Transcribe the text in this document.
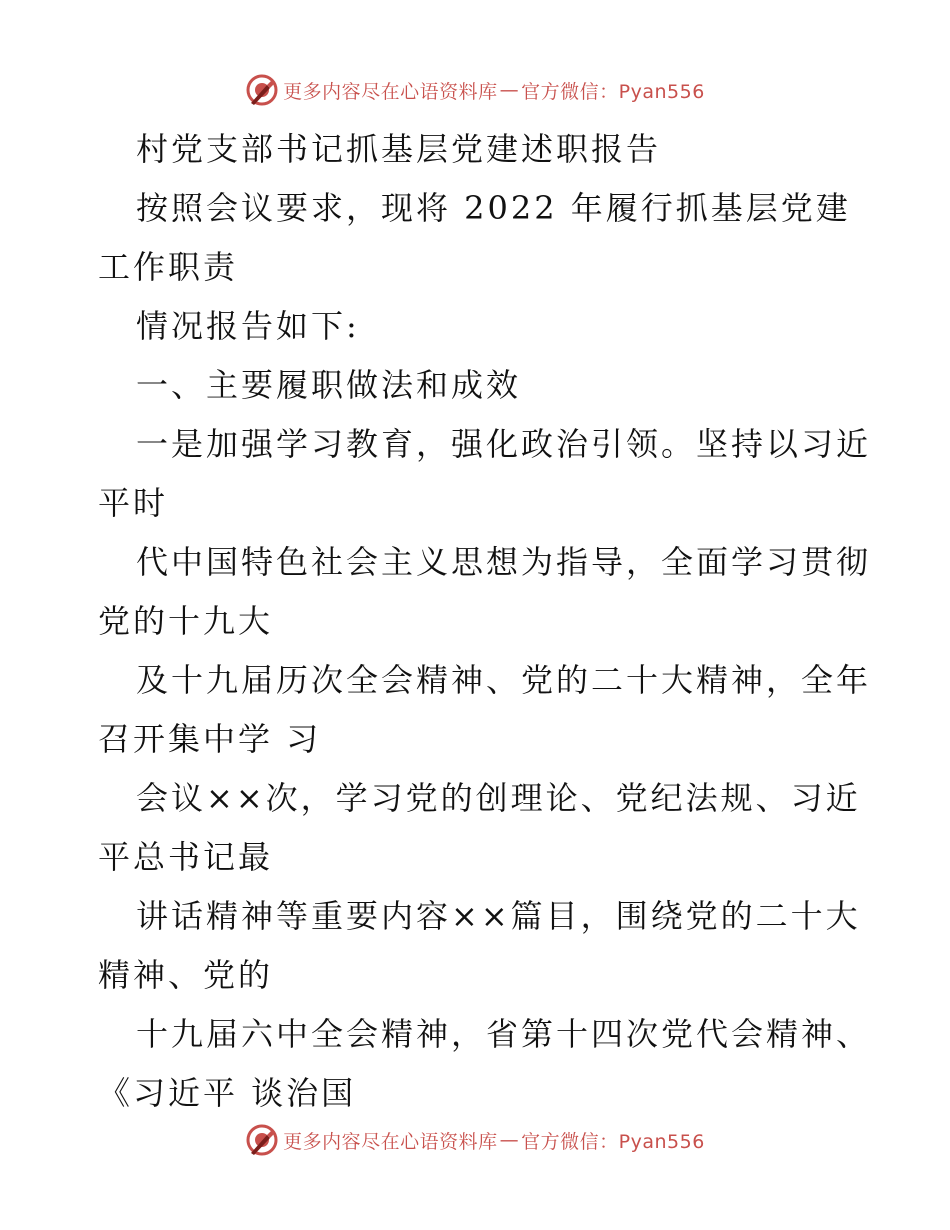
更多内容尽在心语资料库 — 官方微信：Pyan556
村党支部书记抓基层党建述职报告
按照会议要求，现将 2022 年履行抓基层党建
工作职责
情况报告如下:
一、主要履职做法和成效
一是加强学习教育，强化政治引领。坚持以习近
平时
代中国特色社会主义思想为指导，全面学习贯彻
党的十九大
及十九届历次全会精神、党的二十大精神，全年
召开集中学 习
会议××次，学习党的创理论、党纪法规、习近
平总书记最
讲话精神等重要内容××篇目，围绕党的二十大
精神、党的
十九届六中全会精神，省第十四次党代会精神、
《习近平 谈治国
更多内容尽在心语资料库 — 官方微信：Pyan556
